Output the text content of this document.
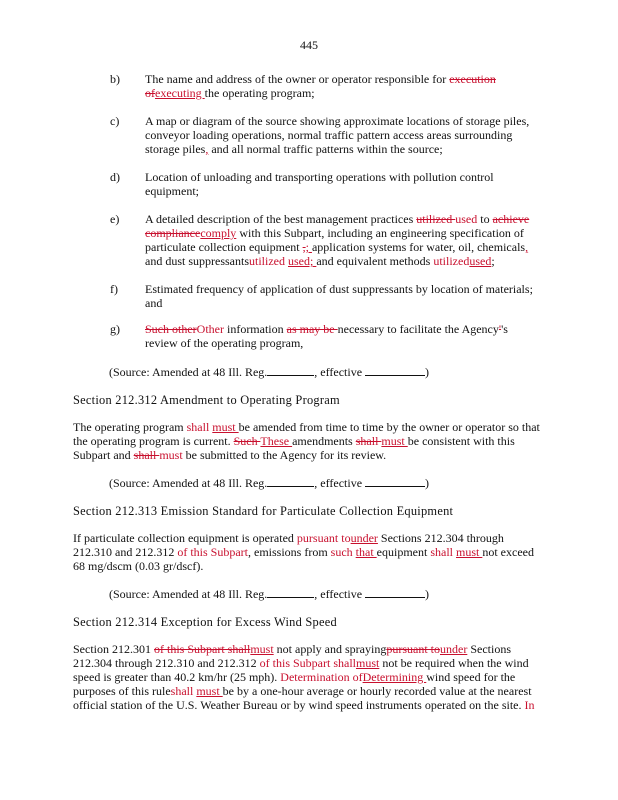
445
b) The name and address of the owner or operator responsible for execution
ofexecuting the operating program;
c) A map or diagram of the source showing approximate locations of storage piles,
conveyor loading operations, normal traffic pattern access areas surrounding
storage piles, and all normal traffic patterns within the source;
d) Location of unloading and transporting operations with pollution control
equipment;
e) A detailed description of the best management practices utilized used to achieve
compliancecomply with this Subpart, including an engineering specification of
particulate collection equipment ,; application systems for water, oil, chemicals,
and dust suppressantsutilized used; and equivalent methods utilizedused;
f) Estimated frequency of application of dust suppressants by location of materials;
and
g) Such otherOther information as may be necessary to facilitate the Agency''s
review of the operating program,
(Source: Amended at 48 Ill. Reg.	, effective	)
Section 212.312 Amendment to Operating Program
The operating program shall must be amended from time to time by the owner or operator so that
the operating program is current. Such These amendments shall must be consistent with this
Subpart and shall must be submitted to the Agency for its review.
(Source: Amended at 48 Ill. Reg.	, effective	)
Section 212.313 Emission Standard for Particulate Collection Equipment
If particulate collection equipment is operated pursuant tounder Sections 212.304 through
212.310 and 212.312 of this Subpart, emissions from such that equipment shall must not exceed
68 mg/dscm (0.03 gr/dscf).
(Source: Amended at 48 Ill. Reg.	, effective	)
Section 212.314 Exception for Excess Wind Speed
Section 212.301 of this Subpart shallmust not apply and sprayingpursuant tounder Sections
212.304 through 212.310 and 212.312 of this Subpart shallmust not be required when the wind
speed is greater than 40.2 km/hr (25 mph). Determination ofDetermining wind speed for the
purposes of this ruleshall must be by a one-hour average or hourly recorded value at the nearest
official station of the U.S. Weather Bureau or by wind speed instruments operated on the site. In
